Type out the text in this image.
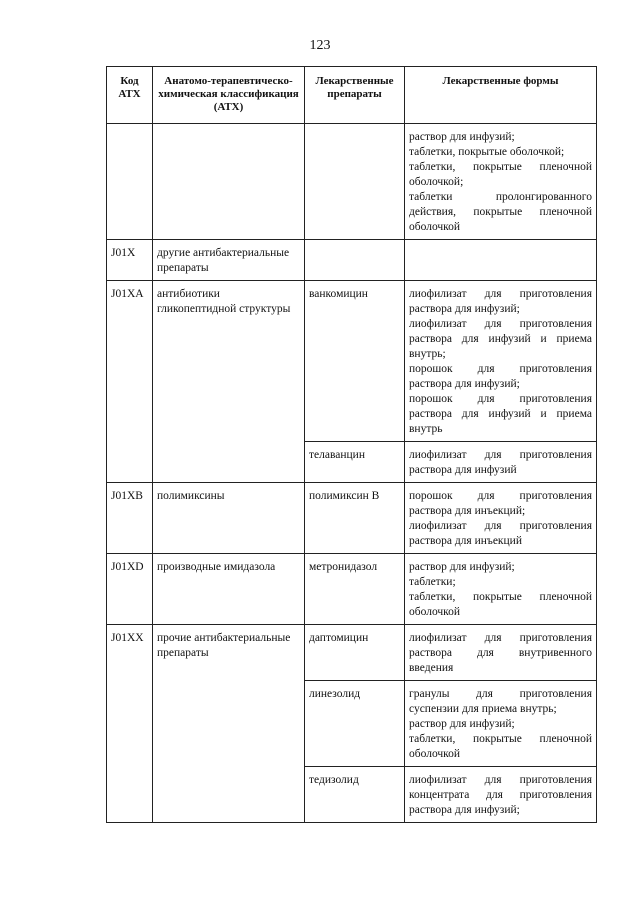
123
Код АТХ	Анатомо-терапевтическо-химическая классификация (АТХ)	Лекарственные препараты	Лекарственные формы

			раствор для инфузий;
таблетки, покрытые оболочкой;
таблетки, покрытые пленочной оболочкой;
таблетки пролонгированного действия, покрытые пленочной оболочкой

J01X	другие антибактериальные препараты		
J01XA	антибиотики гликопептидной структуры	ванкомицин	лиофилизат для приготовления раствора для инфузий;
лиофилизат для приготовления раствора для инфузий и приема внутрь;
порошок для приготовления раствора для инфузий;
порошок для приготовления раствора для инфузий и приема внутрь

		телаванцин	лиофилизат для приготовления раствора для инфузий

J01XB	полимиксины	полимиксин В	порошок для приготовления раствора для инъекций;
лиофилизат для приготовления раствора для инъекций

J01XD	производные имидазола	метронидазол	раствор для инфузий;
таблетки;
таблетки, покрытые пленочной оболочкой

J01XX	прочие антибактериальные препараты	даптомицин	лиофилизат для приготовления раствора для внутривенного введения

		линезолид	гранулы для приготовления суспензии для приема внутрь;
раствор для инфузий;
таблетки, покрытые пленочной оболочкой

		тедизолид	лиофилизат для приготовления концентрата для приготовления раствора для инфузий;
